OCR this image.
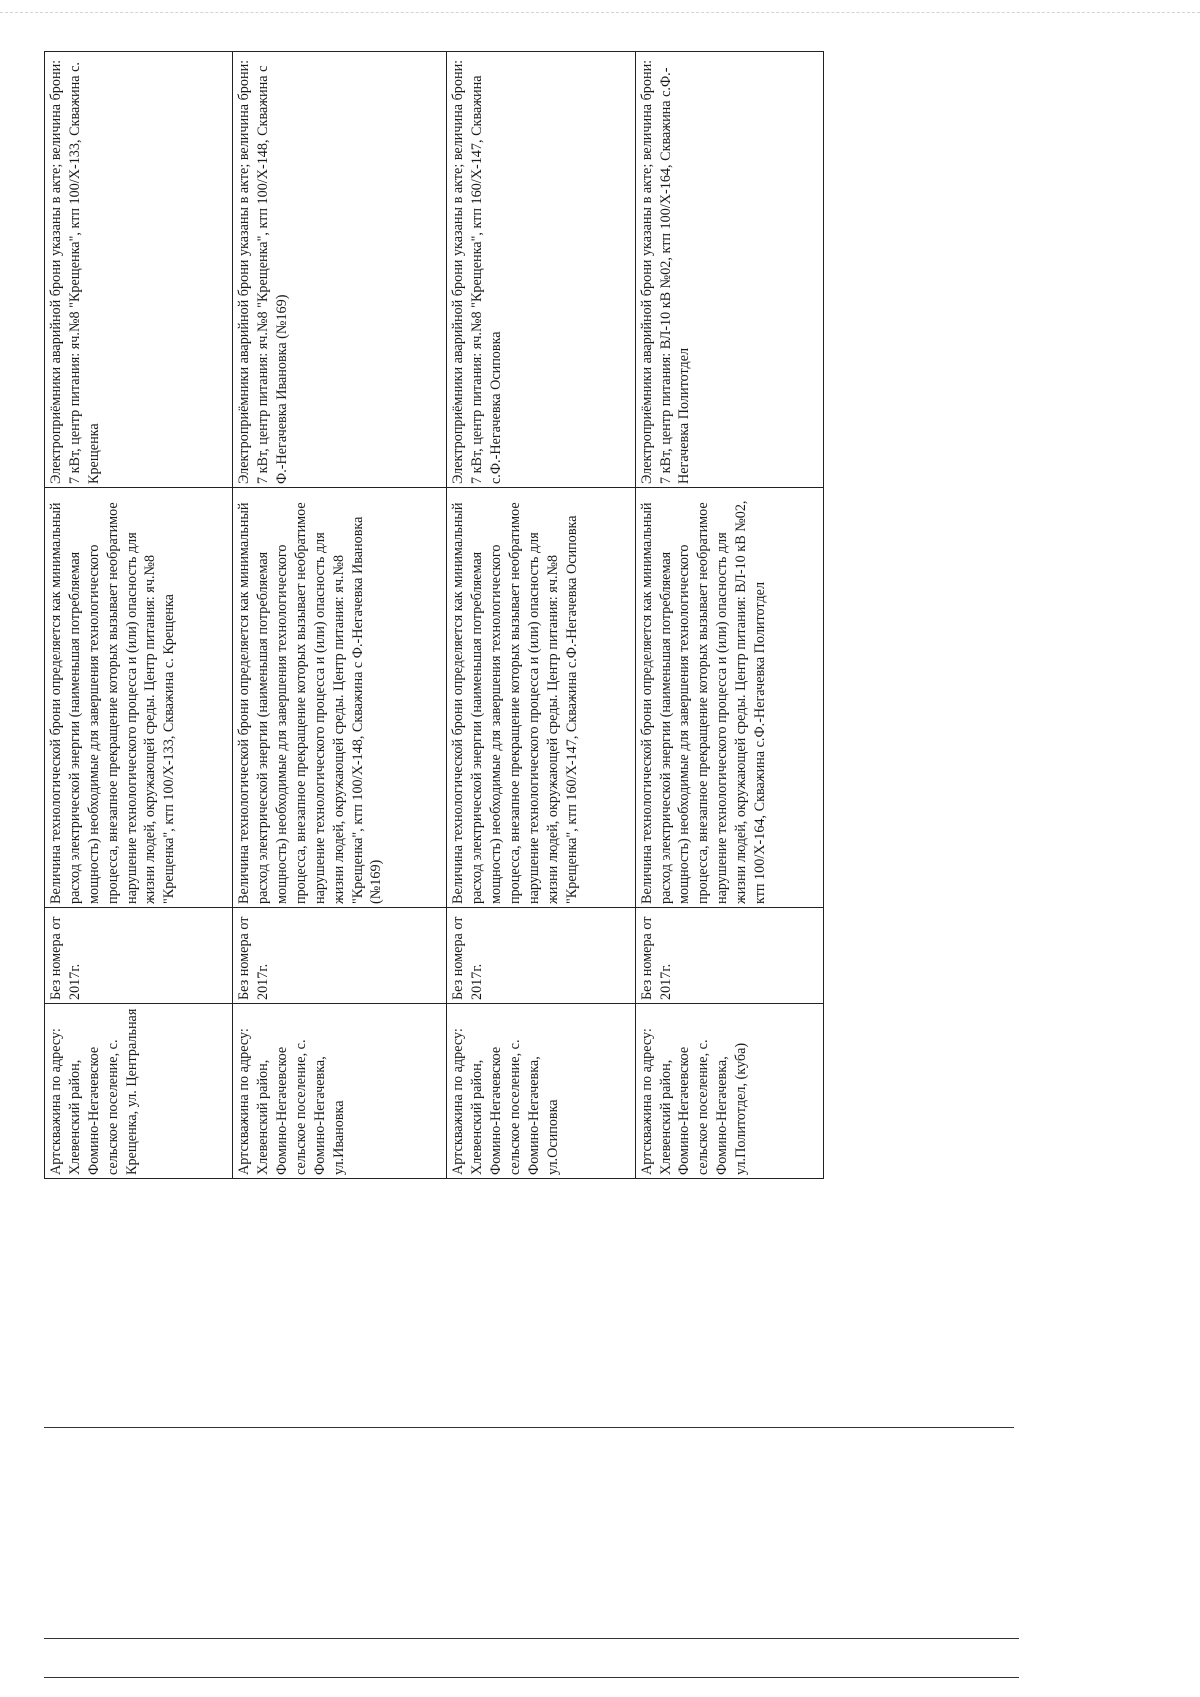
Артскважина по адресу: Хлевенский район, Фомино-Негачевское сельское поселение, с. Крещенка, ул. Центральная	Без номера от 2017г.	Величина технологической брони определяется как минимальный расход электрической энергии (наименьшая потребляемая мощность) необходимые для завершения технологического процесса, внезапное прекращение которых вызывает необратимое нарушение технологического процесса и (или) опасность для жизни людей, окружающей среды. Центр питания: яч.№8 "Крещенка", ктп 100/Х-133, Скважина с. Крещенка	Электроприёмники аварийной брони указаны в акте; величина брони: 7 кВт, центр питания: яч.№8 "Крещенка", ктп 100/Х-133, Скважина с. Крещенка

Артскважина по адресу: Хлевенский район, Фомино-Негачевское сельское поселение, с. Фомино-Негачевка, ул.Ивановка	Без номера от 2017г.	Величина технологической брони определяется как минимальный расход электрической энергии (наименьшая потребляемая мощность) необходимые для завершения технологического процесса, внезапное прекращение которых вызывает необратимое нарушение технологического процесса и (или) опасность для жизни людей, окружающей среды. Центр питания: яч.№8 "Крещенка", ктп 100/Х-148, Скважина с Ф.-Негачевка Ивановка (№169)	Электроприёмники аварийной брони указаны в акте; величина брони: 7 кВт, центр питания: яч.№8 "Крещенка", ктп 100/Х-148, Скважина с Ф.-Негачевка Ивановка (№169)

Артскважина по адресу: Хлевенский район, Фомино-Негачевское сельское поселение, с. Фомино-Негачевка, ул.Осиповка	Без номера от 2017г.	Величина технологической брони определяется как минимальный расход электрической энергии (наименьшая потребляемая мощность) необходимые для завершения технологического процесса, внезапное прекращение которых вызывает необратимое нарушение технологического процесса и (или) опасность для жизни людей, окружающей среды. Центр питания: яч.№8 "Крещенка", ктп 160/Х-147, Скважина с.Ф.-Негачевка Осиповка	Электроприёмники аварийной брони указаны в акте; величина брони: 7 кВт, центр питания: яч.№8 "Крещенка", ктп 160/Х-147, Скважина с.Ф.-Негачевка Осиповка

Артскважина по адресу: Хлевенский район, Фомино-Негачевское сельское поселение, с. Фомино-Негачевка, ул.Политотдел, (куба)	Без номера от 2017г.	Величина технологической брони определяется как минимальный расход электрической энергии (наименьшая потребляемая мощность) необходимые для завершения технологического процесса, внезапное прекращение которых вызывает необратимое нарушение технологического процесса и (или) опасность для жизни людей, окружающей среды. Центр питания: ВЛ-10 кВ №02, ктп 100/Х-164, Скважина с.Ф.-Негачевка Политотдел	Электроприёмники аварийной брони указаны в акте; величина брони: 7 кВт, центр питания: ВЛ-10 кВ №02, ктп 100/Х-164, Скважина с.Ф.-Негачевка Политотдел
